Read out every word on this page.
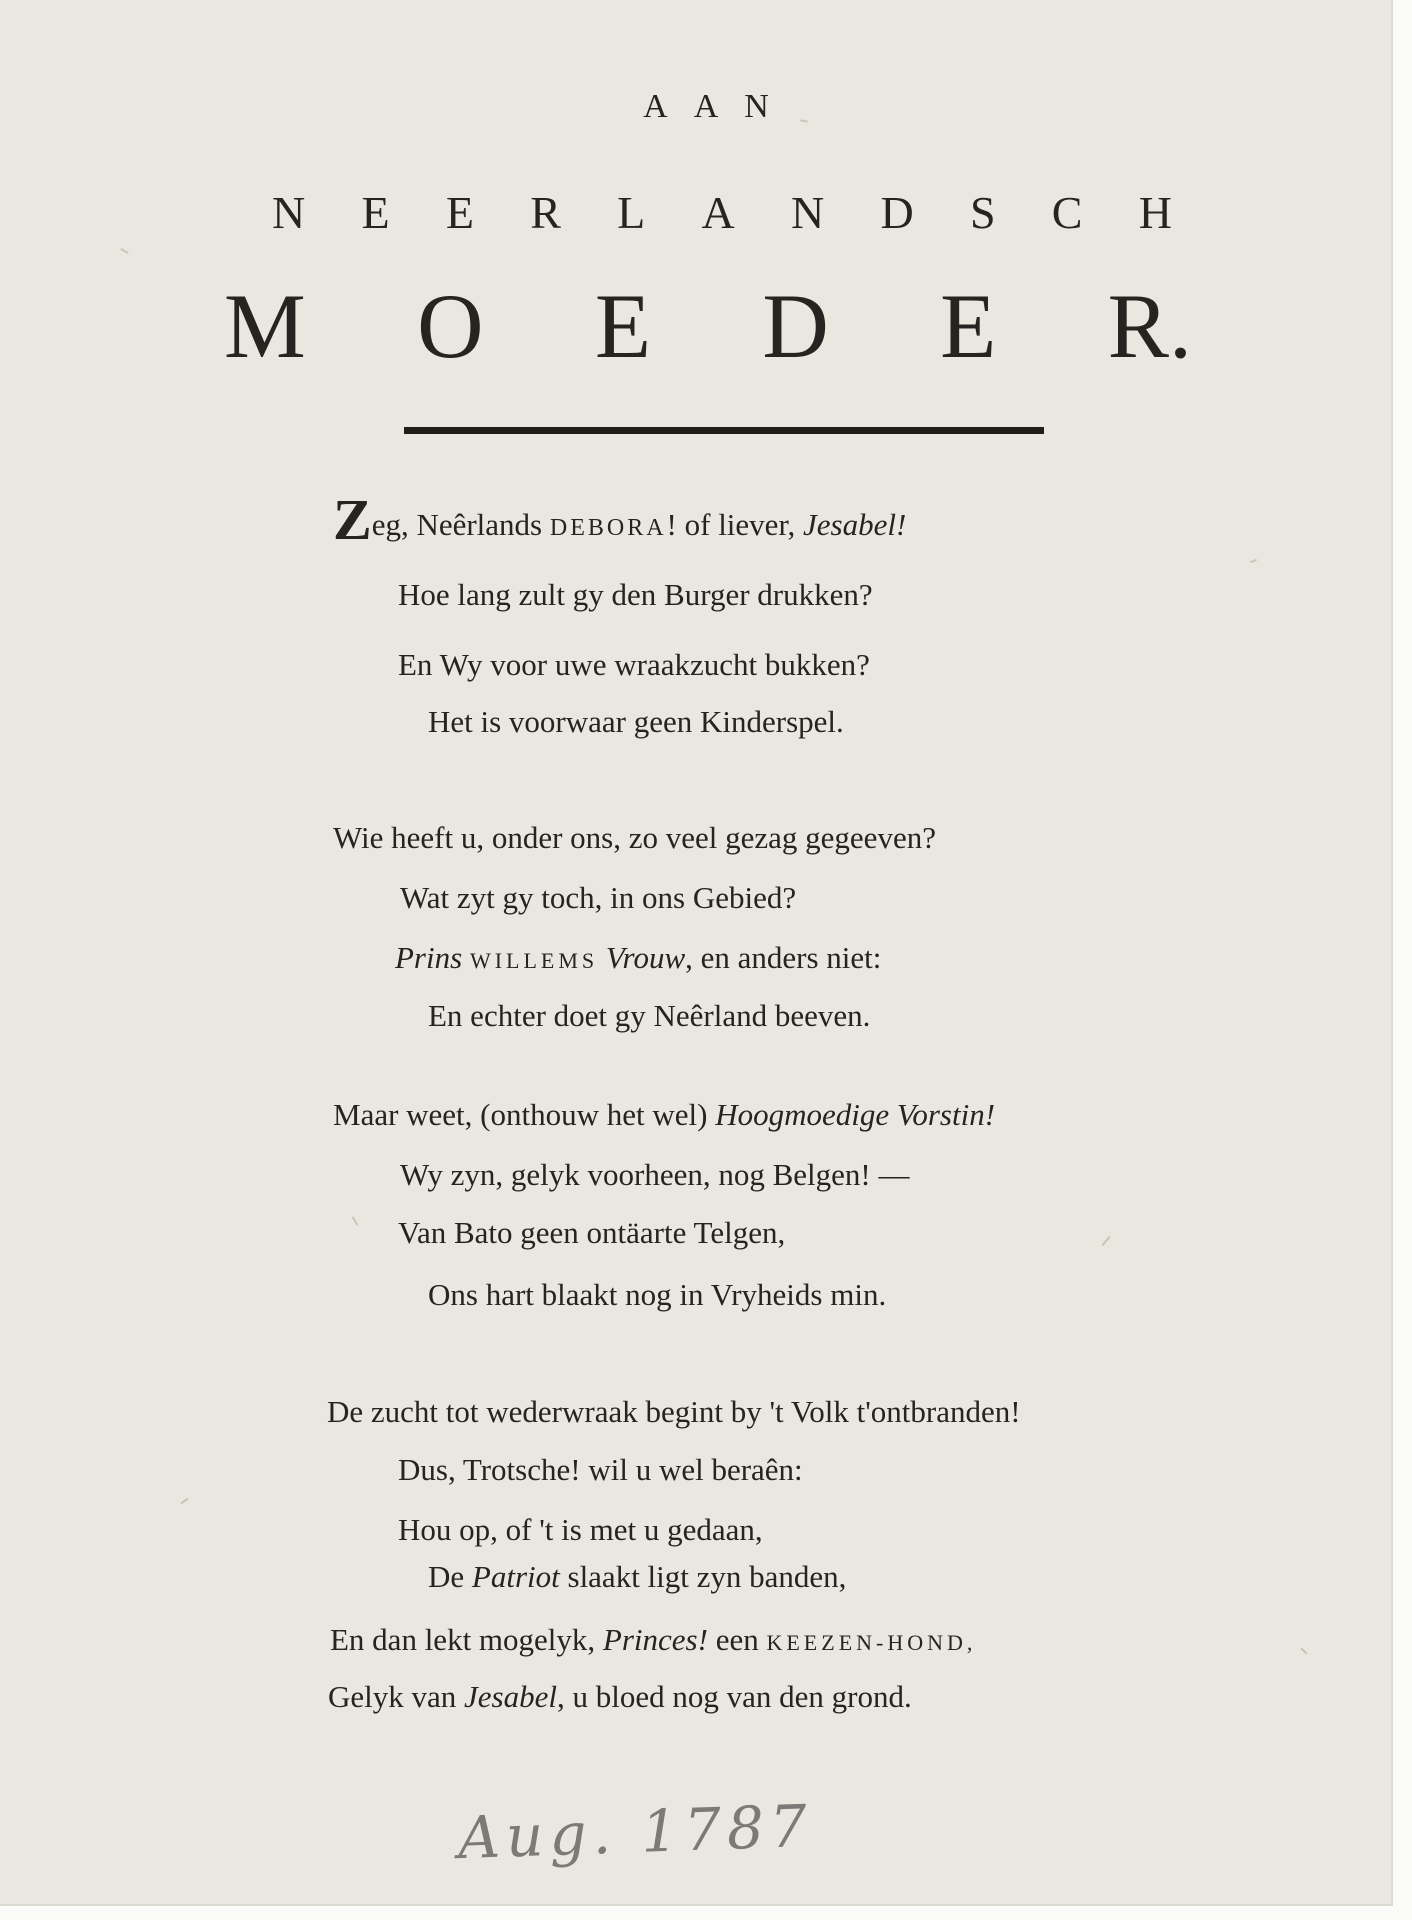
AAN
N E E R L A N D S C H
M O E D E R.
Zeg, Neêrlands DEBORA! of liever, Jesabel!
Hoe lang zult gy den Burger drukken?
En Wy voor uwe wraakzucht bukken?
Het is voorwaar geen Kinderspel.
Wie heeft u, onder ons, zo veel gezag gegeeven?
Wat zyt gy toch, in ons Gebied?
Prins WILLEMS Vrouw, en anders niet:
En echter doet gy Neêrland beeven.
Maar weet, (onthouw het wel) Hoogmoedige Vorstin!
Wy zyn, gelyk voorheen, nog Belgen! —
Van Bato geen ontäarte Telgen,
Ons hart blaakt nog in Vryheids min.
De zucht tot wederwraak begint by 't Volk t'ontbranden!
Dus, Trotsche! wil u wel beraên:
Hou op, of 't is met u gedaan,
De Patriot slaakt ligt zyn banden,
En dan lekt mogelyk, Princes! een KEEZEN-HOND,
Gelyk van Jesabel, u bloed nog van den grond.
Aug. 1787
